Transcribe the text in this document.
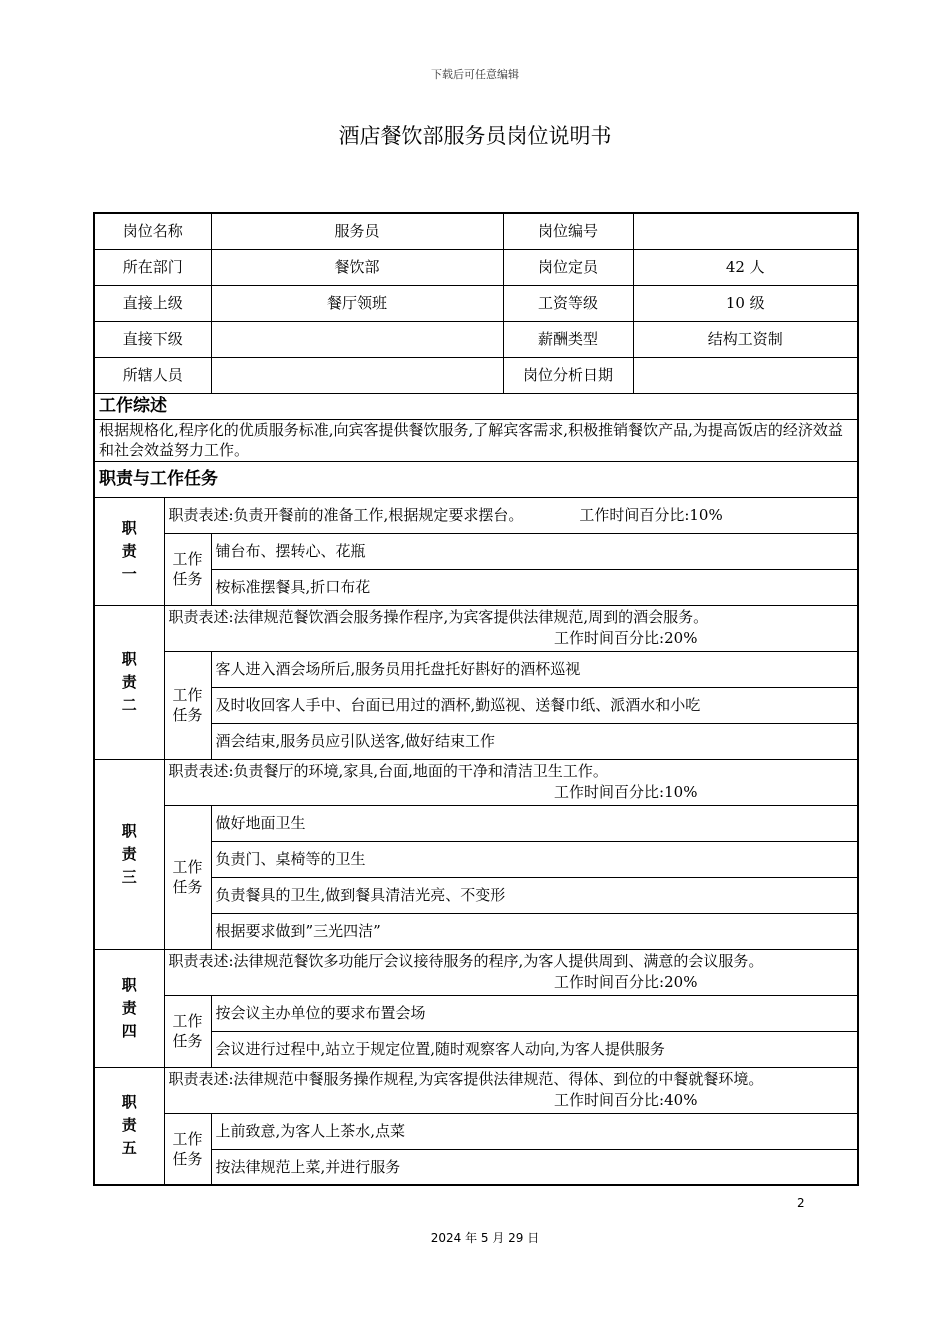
下载后可任意编辑
酒店餐饮部服务员岗位说明书
岗位名称		服务员	岗位编号	
所在部门		餐饮部	岗位定员	42 人
直接上级		餐厅领班	工资等级	10 级
直接下级			薪酬类型	结构工资制
所辖人员			岗位分析日期	
工作综述				
根据规格化,程序化的优质服务标准,向宾客提供餐饮服务,了解宾客需求,积极推销餐饮产品,为提高饭店的经济效益和社会效益努力工作。				
职责与工作任务				

职责一	职责表述:负责开餐前的准备工作,根据规定要求摆台。 工作时间百分比:10%			

	工作任务	铺台布、摆转心、花瓶		
		桉标准摆餐具,折口布花		

职责二	职责表述:法律规范餐饮酒会服务操作程序,为宾客提供法律规范,周到的酒会服务。
工作时间百分比:20%			

	工作任务	客人进入酒会场所后,服务员用托盘托好斟好的酒杯巡视		
		及时收回客人手中、台面已用过的酒杯,勤巡视、送餐巾纸、派酒水和小吃		
		酒会结束,服务员应引队送客,做好结束工作		

职责三	职责表述:负责餐厅的环境,家具,台面,地面的干净和清洁卫生工作。
工作时间百分比:10%			

	工作任务	做好地面卫生		
		负责门、桌椅等的卫生		
		负责餐具的卫生,做到餐具清洁光亮、不变形		
		根据要求做到”三光四洁”		

职责四	职责表述:法律规范餐饮多功能厅会议接待服务的程序,为客人提供周到、满意的会议服务。
工作时间百分比:20%			

	工作任务	按会议主办单位的要求布置会场		
		会议进行过程中,站立于规定位置,随时观察客人动向,为客人提供服务		

职责五	职责表述:法律规范中餐服务操作规程,为宾客提供法律规范、得体、到位的中餐就餐环境。
工作时间百分比:40%			

	工作任务	上前致意,为客人上茶水,点菜		
		按法律规范上菜,并进行服务		
2
2024 年 5 月 29 日
